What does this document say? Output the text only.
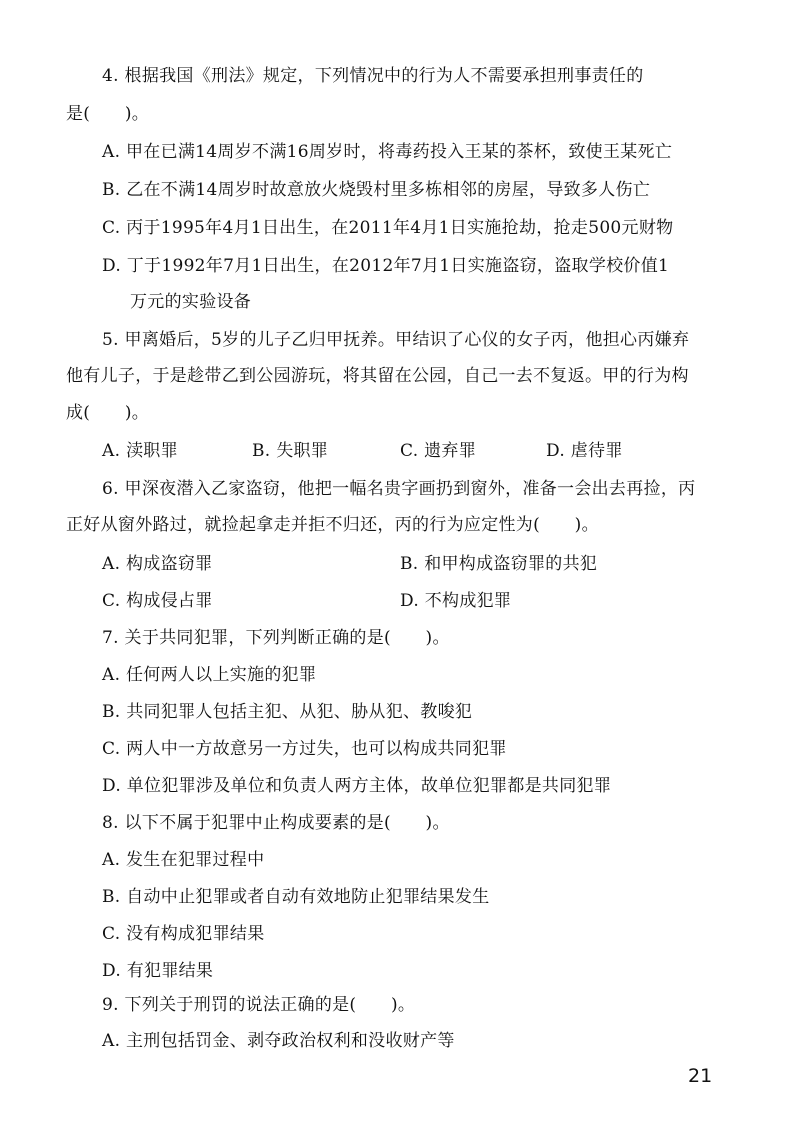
4. 根据我国《刑法》规定，下列情况中的行为人不需要承担刑事责任的
是(　　)。
A. 甲在已满14周岁不满16周岁时，将毒药投入王某的茶杯，致使王某死亡
B. 乙在不满14周岁时故意放火烧毁村里多栋相邻的房屋，导致多人伤亡
C. 丙于1995年4月1日出生，在2011年4月1日实施抢劫，抢走500元财物
D. 丁于1992年7月1日出生，在2012年7月1日实施盗窃，盗取学校价值1
万元的实验设备
5. 甲离婚后，5岁的儿子乙归甲抚养。甲结识了心仪的女子丙，他担心丙嫌弃
他有儿子，于是趁带乙到公园游玩，将其留在公园，自己一去不复返。甲的行为构
成(　　)。
A. 渎职罪	B. 失职罪	C. 遗弃罪	D. 虐待罪
6. 甲深夜潜入乙家盗窃，他把一幅名贵字画扔到窗外，准备一会出去再捡，丙
正好从窗外路过，就捡起拿走并拒不归还，丙的行为应定性为(　　)。
A. 构成盗窃罪	B. 和甲构成盗窃罪的共犯
C. 构成侵占罪	D. 不构成犯罪
7. 关于共同犯罪，下列判断正确的是(　　)。
A. 任何两人以上实施的犯罪
B. 共同犯罪人包括主犯、从犯、胁从犯、教唆犯
C. 两人中一方故意另一方过失，也可以构成共同犯罪
D. 单位犯罪涉及单位和负责人两方主体，故单位犯罪都是共同犯罪
8. 以下不属于犯罪中止构成要素的是(　　)。
A. 发生在犯罪过程中
B. 自动中止犯罪或者自动有效地防止犯罪结果发生
C. 没有构成犯罪结果
D. 有犯罪结果
9. 下列关于刑罚的说法正确的是(　　)。
A. 主刑包括罚金、剥夺政治权利和没收财产等
21
